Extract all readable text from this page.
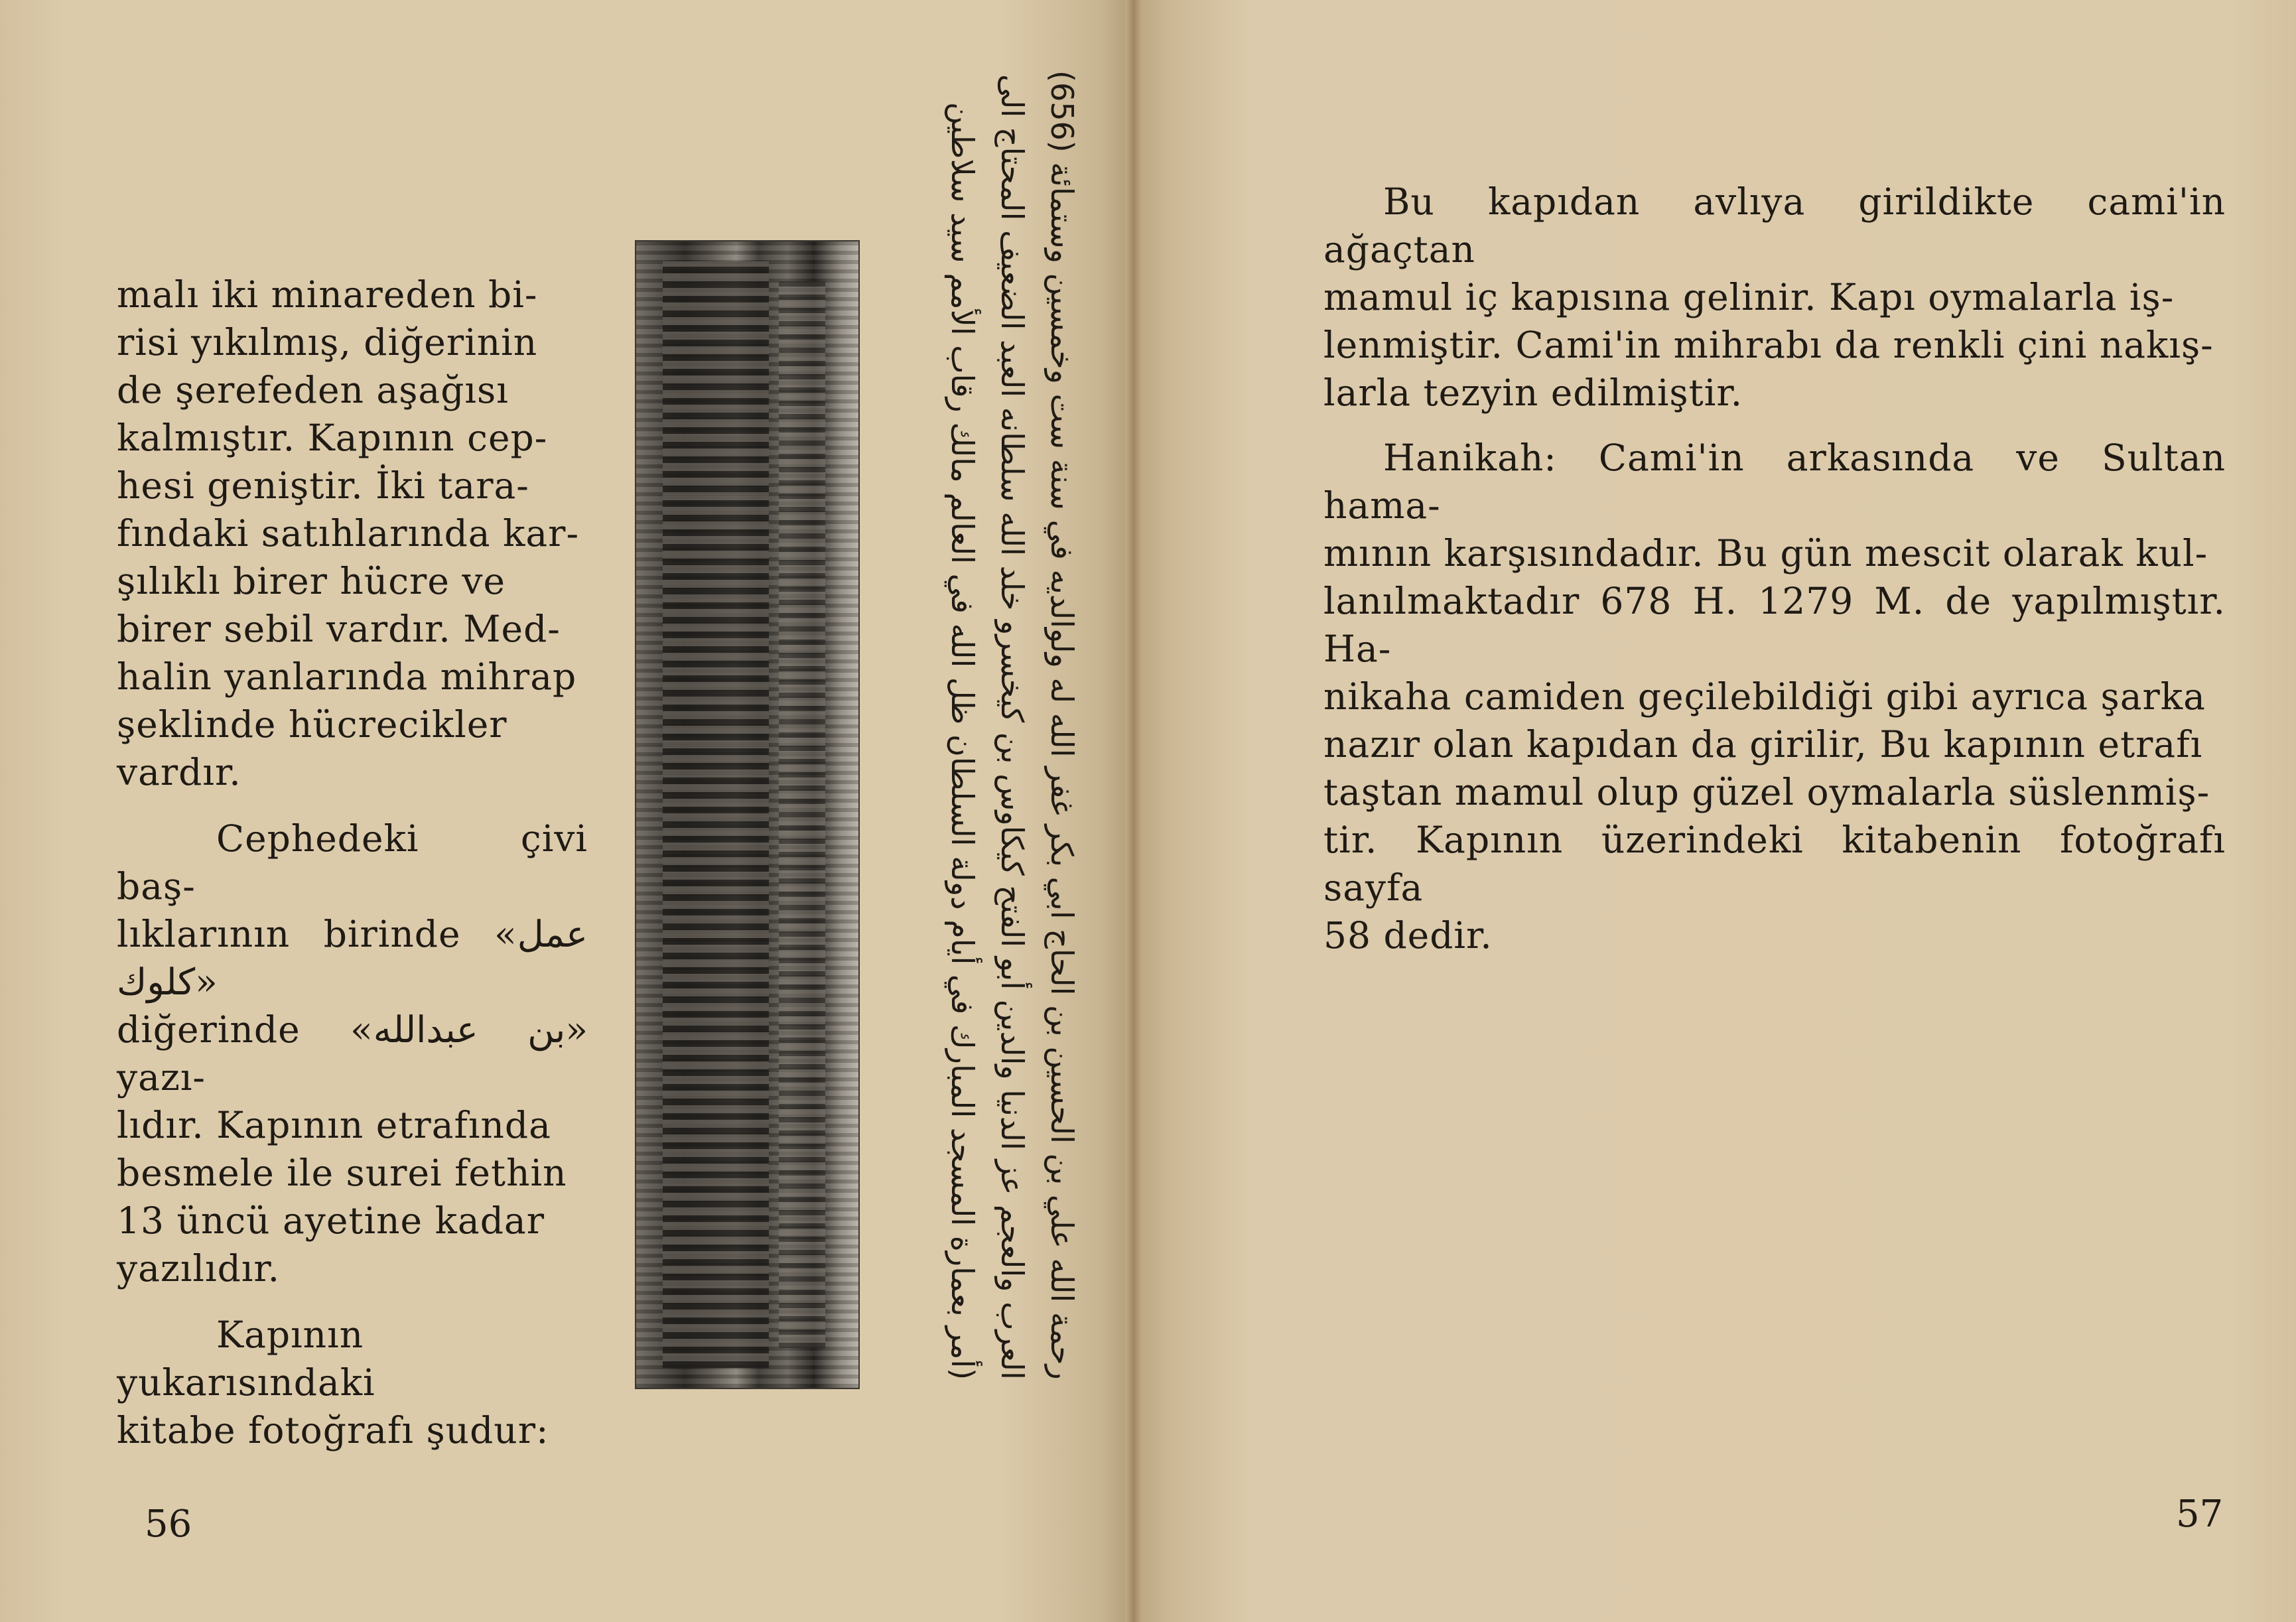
malı iki minareden bi-
risi yıkılmış, diğerinin
de şerefeden aşağısı
kalmıştır. Kapının cep-
hesi geniştir. İki tara-
fındaki satıhlarında kar-
şılıklı birer hücre ve
birer sebil vardır. Med-
halin yanlarında mihrap
şeklinde hücrecikler
vardır.

Cephedeki çivi baş-
lıklarının birinde «عمل كلوك»
diğerinde «بن عبدالله» yazı-
lıdır. Kapının etrafında
besmele ile surei fethin
13 üncü ayetine kadar
yazılıdır.

Kapının yukarısındaki
kitabe fotoğrafı şudur:

(أمر بعمارة المسجد المبارك في أيام دولة السلطان ظل الله في العالم مالك رقاب الأمم سيد سلاطين العرب والعجم عز الدنيا والدين أبو الفتح كيكاوس بن كيخسرو خلد الله سلطانه العبد الضعيف المحتاج الى رحمة الله علي بن الحسين بن الحاج ابي بكر غفر الله له ولوالديه في سنة ست وخمسين وستمائة (656)
56

Bu kapıdan avlıya girildikte cami'in ağaçtan
mamul iç kapısına gelinir. Kapı oymalarla iş-
lenmiştir. Cami'in mihrabı da renkli çini nakış-
larla tezyin edilmiştir.

Hanikah: Cami'in arkasında ve Sultan hama-
mının karşısındadır. Bu gün mescit olarak kul-
lanılmaktadır 678 H. 1279 M. de yapılmıştır. Ha-
nikaha camiden geçilebildiği gibi ayrıca şarka
nazır olan kapıdan da girilir, Bu kapının etrafı
taştan mamul olup güzel oymalarla süslenmiş-
tir. Kapının üzerindeki kitabenin fotoğrafı sayfa
58 dedir.

57
